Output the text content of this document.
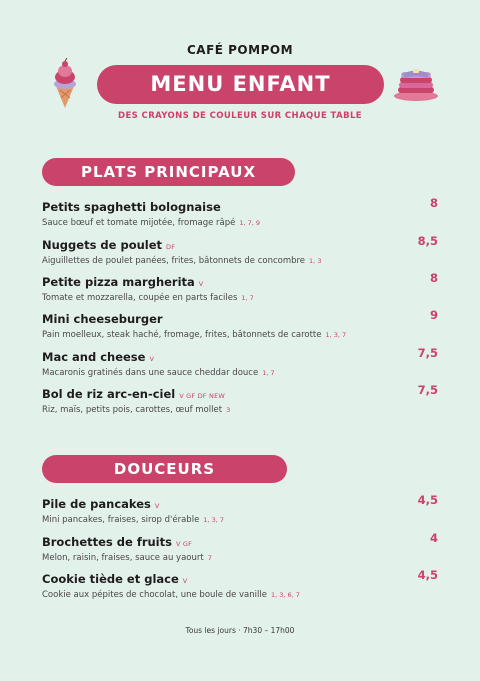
CAFÉ POMPOM
MENU ENFANT
DES CRAYONS DE COULEUR SUR CHAQUE TABLE
PLATS PRINCIPAUX
Petits spaghetti bolognaise	8
Sauce bœuf et tomate mijotée, fromage râpé 1, 7, 9
Nuggets de poulet DF	8,5
Aiguillettes de poulet panées, frites, bâtonnets de concombre 1, 3
Petite pizza margherita V	8
Tomate et mozzarella, coupée en parts faciles 1, 7
Mini cheeseburger	9
Pain moelleux, steak haché, fromage, frites, bâtonnets de carotte 1, 3, 7
Mac and cheese V	7,5
Macaronis gratinés dans une sauce cheddar douce 1, 7
Bol de riz arc-en-ciel V GF DF NEW	7,5
Riz, maïs, petits pois, carottes, œuf mollet 3
DOUCEURS
Pile de pancakes V	4,5
Mini pancakes, fraises, sirop d'érable 1, 3, 7
Brochettes de fruits V GF	4
Melon, raisin, fraises, sauce au yaourt 7
Cookie tiède et glace V	4,5
Cookie aux pépites de chocolat, une boule de vanille 1, 3, 6, 7
Tous les jours · 7h30 – 17h00
